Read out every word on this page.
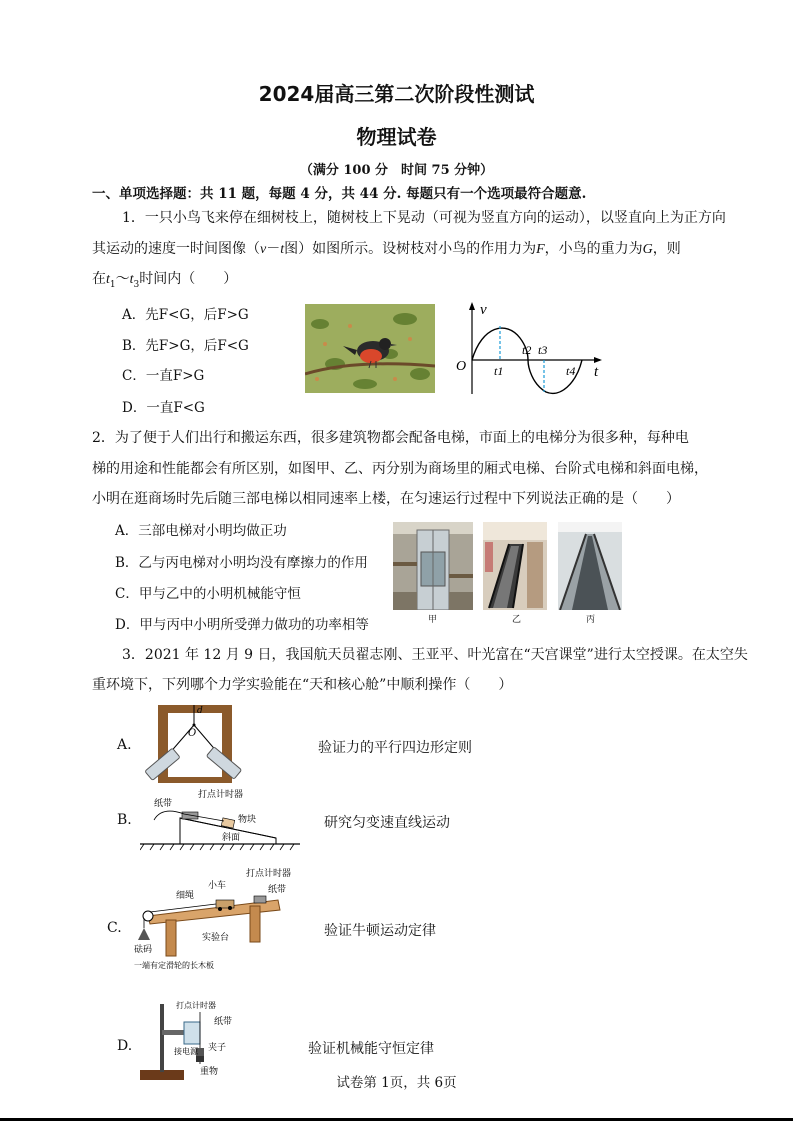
2024届高三第二次阶段性测试
物理试卷
（满分 100 分　时间 75 分钟）
一、单项选择题：共 11 题，每题 4 分，共 44 分. 每题只有一个选项最符合题意.
1．一只小鸟飞来停在细树枝上，随树枝上下晃动（可视为竖直方向的运动），以竖直向上为正方向
其运动的速度一时间图像（v－t图）如图所示。设树枝对小鸟的作用力为F，小鸟的重力为G，则
在$t_1\sim t_3$时间内（　　）
A．先F<G，后F>G
B．先F>G，后F<G
C．一直F>G
D．一直F<G
v
t
O t1
t2 t3
t4
2．为了便于人们出行和搬运东西，很多建筑物都会配备电梯，市面上的电梯分为很多种，每种电
梯的用途和性能都会有所区别，如图甲、乙、丙分别为商场里的厢式电梯、台阶式电梯和斜面电梯，
小明在逛商场时先后随三部电梯以相同速率上楼，在匀速运行过程中下列说法正确的是（　　）
A．三部电梯对小明均做正功
B．乙与丙电梯对小明均没有摩擦力的作用
C．甲与乙中的小明机械能守恒
D．甲与丙中小明所受弹力做功的功率相等	甲	乙	丙
3．2021 年 12 月 9 日，我国航天员翟志刚、王亚平、叶光富在“天宫课堂”进行太空授课。在太空失
重环境下，下列哪个力学实验能在“天和核心舱”中顺利操作（　　）
A.
d
O
验证力的平行四边形定则
B.
纸带
打点计时器
物块
斜面
研究匀变速直线运动
C.
细绳
小车
打点计时器
纸带
实验台
砝码
一端有定滑轮的长木板
验证牛顿运动定律
D.
打点计时器
纸带
夹子
接电源
重物
验证机械能守恒定律
试卷第 1页，共 6页
